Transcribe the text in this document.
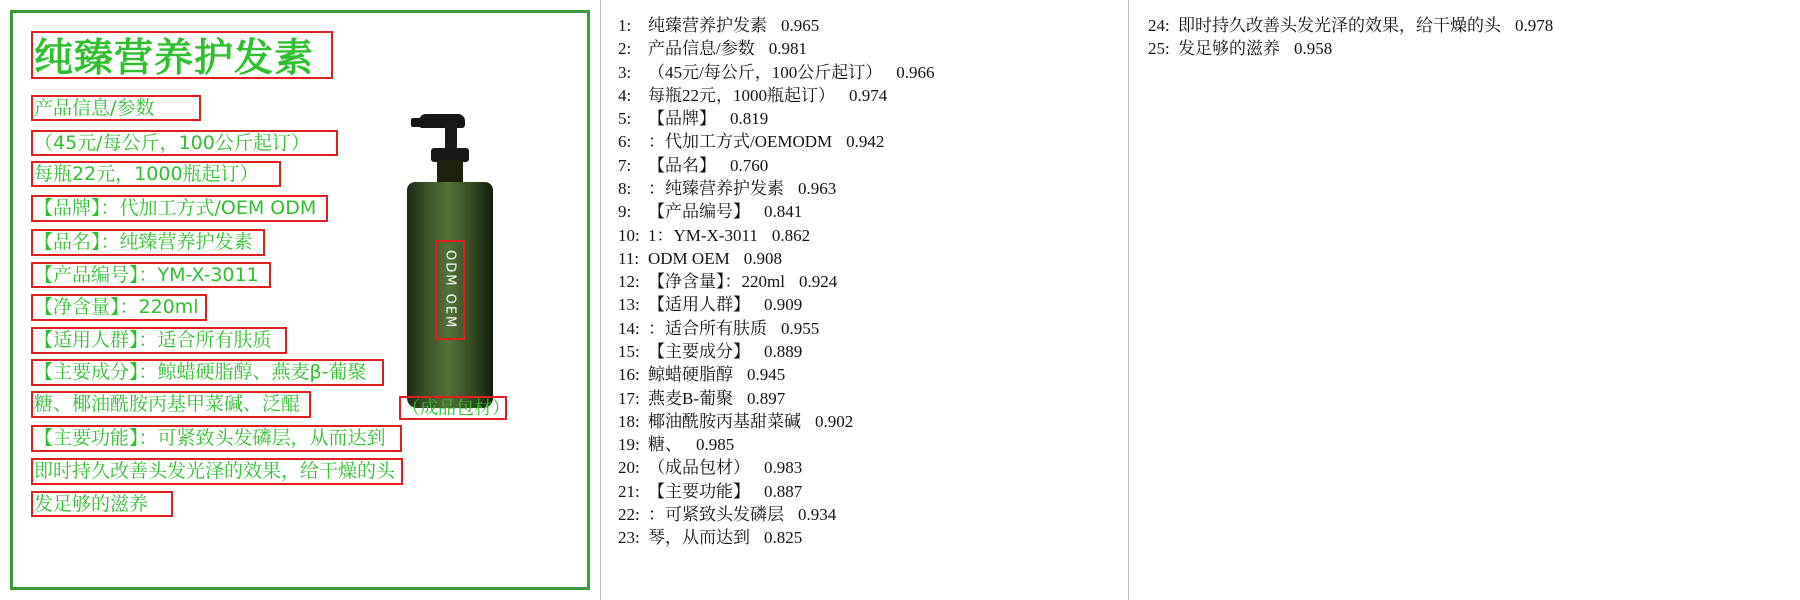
ODM OEM
纯臻营养护发素
产品信息/参数
（45元/每公斤，100公斤起订）
每瓶22元，1000瓶起订）
【品牌】：代加工方式/OEM ODM
【品名】：纯臻营养护发素
【产品编号】：YM-X-3011
【净含量】：220ml
【适用人群】：适合所有肤质
【主要成分】：鲸蜡硬脂醇、燕麦β-葡聚
糖、椰油酰胺丙基甲菜碱、泛醌	（成品包材）
【主要功能】：可紧致头发磷层，从而达到
即时持久改善头发光泽的效果，给干燥的头
发足够的滋养
1: 纯臻营养护发素 0.965
2: 产品信息/参数 0.981
3: （45元/每公斤，100公斤起订） 0.966
4: 每瓶22元，1000瓶起订） 0.974
5: 【品牌】 0.819
6: ：代加工方式/OEMODM 0.942
7: 【品名】 0.760
8: ：纯臻营养护发素 0.963
9: 【产品编号】 0.841
10: 1：YM-X-3011 0.862
11: ODM OEM 0.908
12: 【净含量】：220ml 0.924
13: 【适用人群】 0.909
14: ：适合所有肤质 0.955
15: 【主要成分】 0.889
16: 鲸蜡硬脂醇 0.945
17: 燕麦B-葡聚 0.897
18: 椰油酰胺丙基甜菜碱 0.902
19: 糖、 0.985
20: （成品包材） 0.983
21: 【主要功能】 0.887
22: ：可紧致头发磷层 0.934
23: 琴，从而达到 0.825
24: 即时持久改善头发光泽的效果，给干燥的头 0.978
25: 发足够的滋养 0.958
